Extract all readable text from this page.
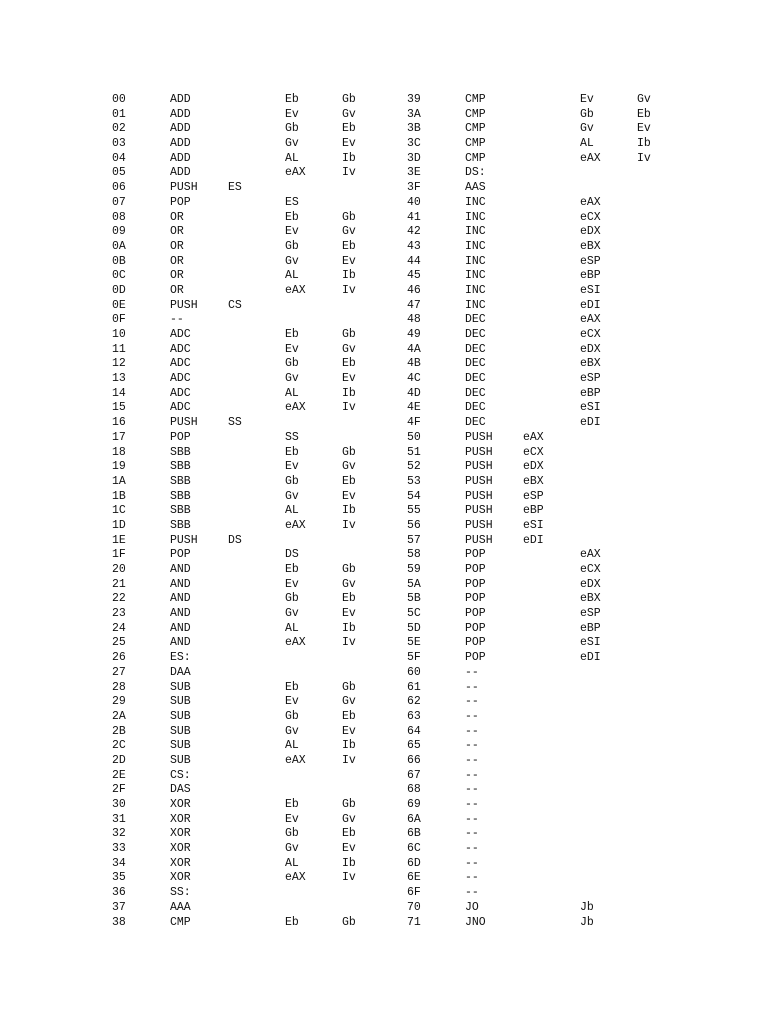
00	ADD	Eb	Gb
01	ADD	Ev	Gv
02	ADD	Gb	Eb
03	ADD	Gv	Ev
04	ADD	AL	Ib
05	ADD	eAX	Iv
06	PUSH	ES
07	POP	ES
08	OR	Eb	Gb
09	OR	Ev	Gv
0A	OR	Gb	Eb
0B	OR	Gv	Ev
0C	OR	AL	Ib
0D	OR	eAX	Iv
0E	PUSH	CS
0F	--
10	ADC	Eb	Gb
11	ADC	Ev	Gv
12	ADC	Gb	Eb
13	ADC	Gv	Ev
14	ADC	AL	Ib
15	ADC	eAX	Iv
16	PUSH	SS
17	POP	SS
18	SBB	Eb	Gb
19	SBB	Ev	Gv
1A	SBB	Gb	Eb
1B	SBB	Gv	Ev
1C	SBB	AL	Ib
1D	SBB	eAX	Iv
1E	PUSH	DS
1F	POP	DS
20	AND	Eb	Gb
21	AND	Ev	Gv
22	AND	Gb	Eb
23	AND	Gv	Ev
24	AND	AL	Ib
25	AND	eAX	Iv
26	ES:
27	DAA
28	SUB	Eb	Gb
29	SUB	Ev	Gv
2A	SUB	Gb	Eb
2B	SUB	Gv	Ev
2C	SUB	AL	Ib
2D	SUB	eAX	Iv
2E	CS:
2F	DAS
30	XOR	Eb	Gb
31	XOR	Ev	Gv
32	XOR	Gb	Eb
33	XOR	Gv	Ev
34	XOR	AL	Ib
35	XOR	eAX	Iv
36	SS:
37	AAA
38	CMP	Eb	Gb
39	CMP	Ev	Gv
3A	CMP	Gb	Eb
3B	CMP	Gv	Ev
3C	CMP	AL	Ib
3D	CMP	eAX	Iv
3E	DS:
3F	AAS
40	INC	eAX
41	INC	eCX
42	INC	eDX
43	INC	eBX
44	INC	eSP
45	INC	eBP
46	INC	eSI
47	INC	eDI
48	DEC	eAX
49	DEC	eCX
4A	DEC	eDX
4B	DEC	eBX
4C	DEC	eSP
4D	DEC	eBP
4E	DEC	eSI
4F	DEC	eDI
50	PUSH	eAX
51	PUSH	eCX
52	PUSH	eDX
53	PUSH	eBX
54	PUSH	eSP
55	PUSH	eBP
56	PUSH	eSI
57	PUSH	eDI
58	POP	eAX
59	POP	eCX
5A	POP	eDX
5B	POP	eBX
5C	POP	eSP
5D	POP	eBP
5E	POP	eSI
5F	POP	eDI
60	--
61	--
62	--
63	--
64	--
65	--
66	--
67	--
68	--
69	--
6A	--
6B	--
6C	--
6D	--
6E	--
6F	--
70	JO	Jb
71	JNO	Jb
